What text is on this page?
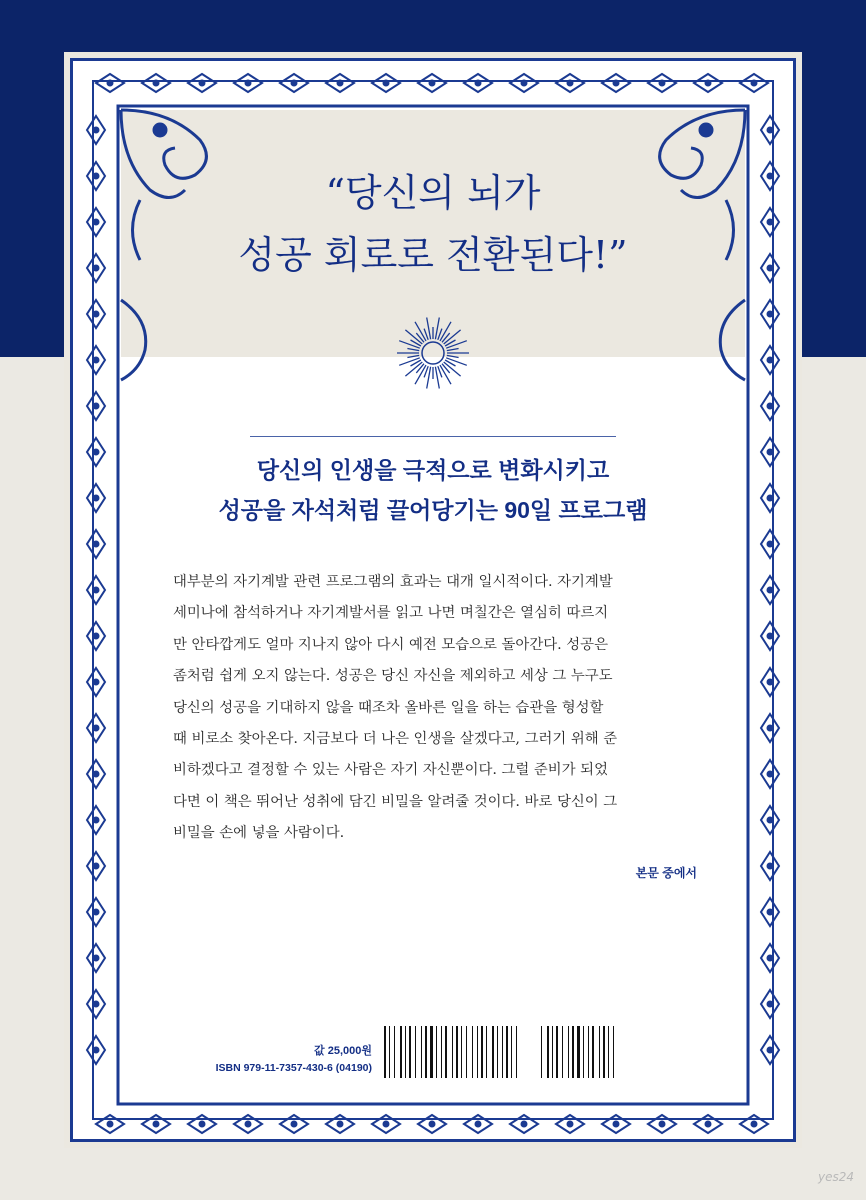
“당신의 뇌가
성공 회로로 전환된다!”
당신의 인생을 극적으로 변화시키고
성공을 자석처럼 끌어당기는 90일 프로그램
대부분의 자기계발 관련 프로그램의 효과는 대개 일시적이다. 자기계발
세미나에 참석하거나 자기계발서를 읽고 나면 며칠간은 열심히 따르지
만 안타깝게도 얼마 지나지 않아 다시 예전 모습으로 돌아간다. 성공은
좀처럼 쉽게 오지 않는다. 성공은 당신 자신을 제외하고 세상 그 누구도
당신의 성공을 기대하지 않을 때조차 올바른 일을 하는 습관을 형성할
때 비로소 찾아온다. 지금보다 더 나은 인생을 살겠다고, 그러기 위해 준
비하겠다고 결정할 수 있는 사람은 자기 자신뿐이다. 그럴 준비가 되었
다면 이 책은 뛰어난 성취에 담긴 비밀을 알려줄 것이다. 바로 당신이 그
비밀을 손에 넣을 사람이다.
본문 중에서
값 25,000원
ISBN 979-11-7357-430-6 (04190)
yes24
